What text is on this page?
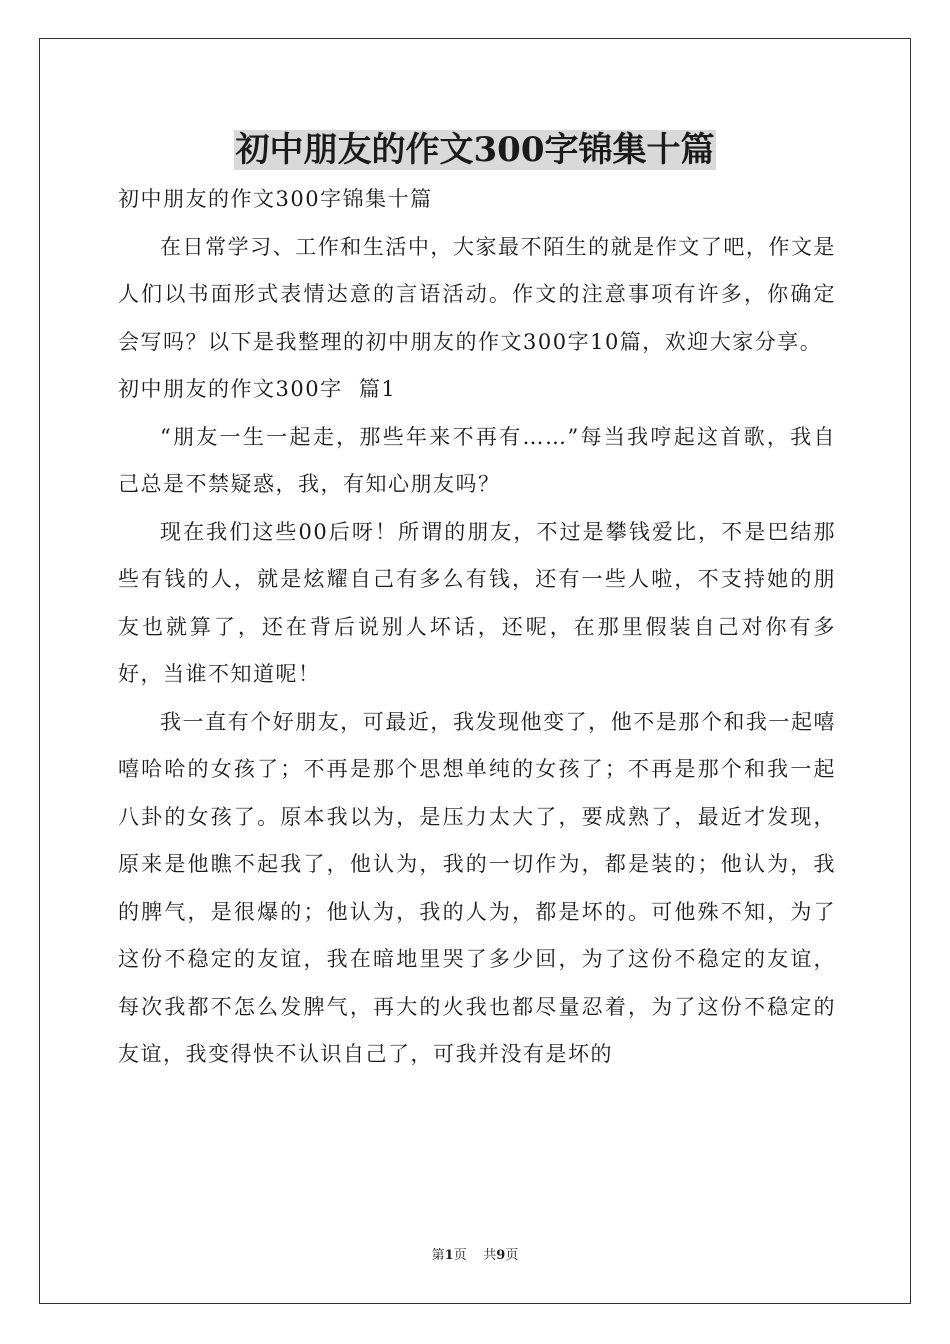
初中朋友的作文300字锦集十篇

初中朋友的作文300字锦集十篇

在日常学习、工作和生活中，大家最不陌生的就是作文了吧，作文是人们以书面形式表情达意的言语活动。作文的注意事项有许多，你确定会写吗？以下是我整理的初中朋友的作文300字10篇，欢迎大家分享。

初中朋友的作文300字  篇1

“朋友一生一起走，那些年来不再有……”每当我哼起这首歌，我自己总是不禁疑惑，我，有知心朋友吗？

现在我们这些00后呀！所谓的朋友，不过是攀钱爱比，不是巴结那些有钱的人，就是炫耀自己有多么有钱，还有一些人啦，不支持她的朋友也就算了，还在背后说别人坏话，还呢，在那里假装自己对你有多好，当谁不知道呢！

我一直有个好朋友，可最近，我发现他变了，他不是那个和我一起嘻嘻哈哈的女孩了；不再是那个思想单纯的女孩了；不再是那个和我一起八卦的女孩了。原本我以为，是压力太大了，要成熟了，最近才发现，原来是他瞧不起我了，他认为，我的一切作为，都是装的；他认为，我的脾气，是很爆的；他认为，我的人为，都是坏的。可他殊不知，为了这份不稳定的友谊，我在暗地里哭了多少回，为了这份不稳定的友谊，每次我都不怎么发脾气，再大的火我也都尽量忍着，为了这份不稳定的友谊，我变得快不认识自己了，可我并没有是坏的

第1页 共9页
